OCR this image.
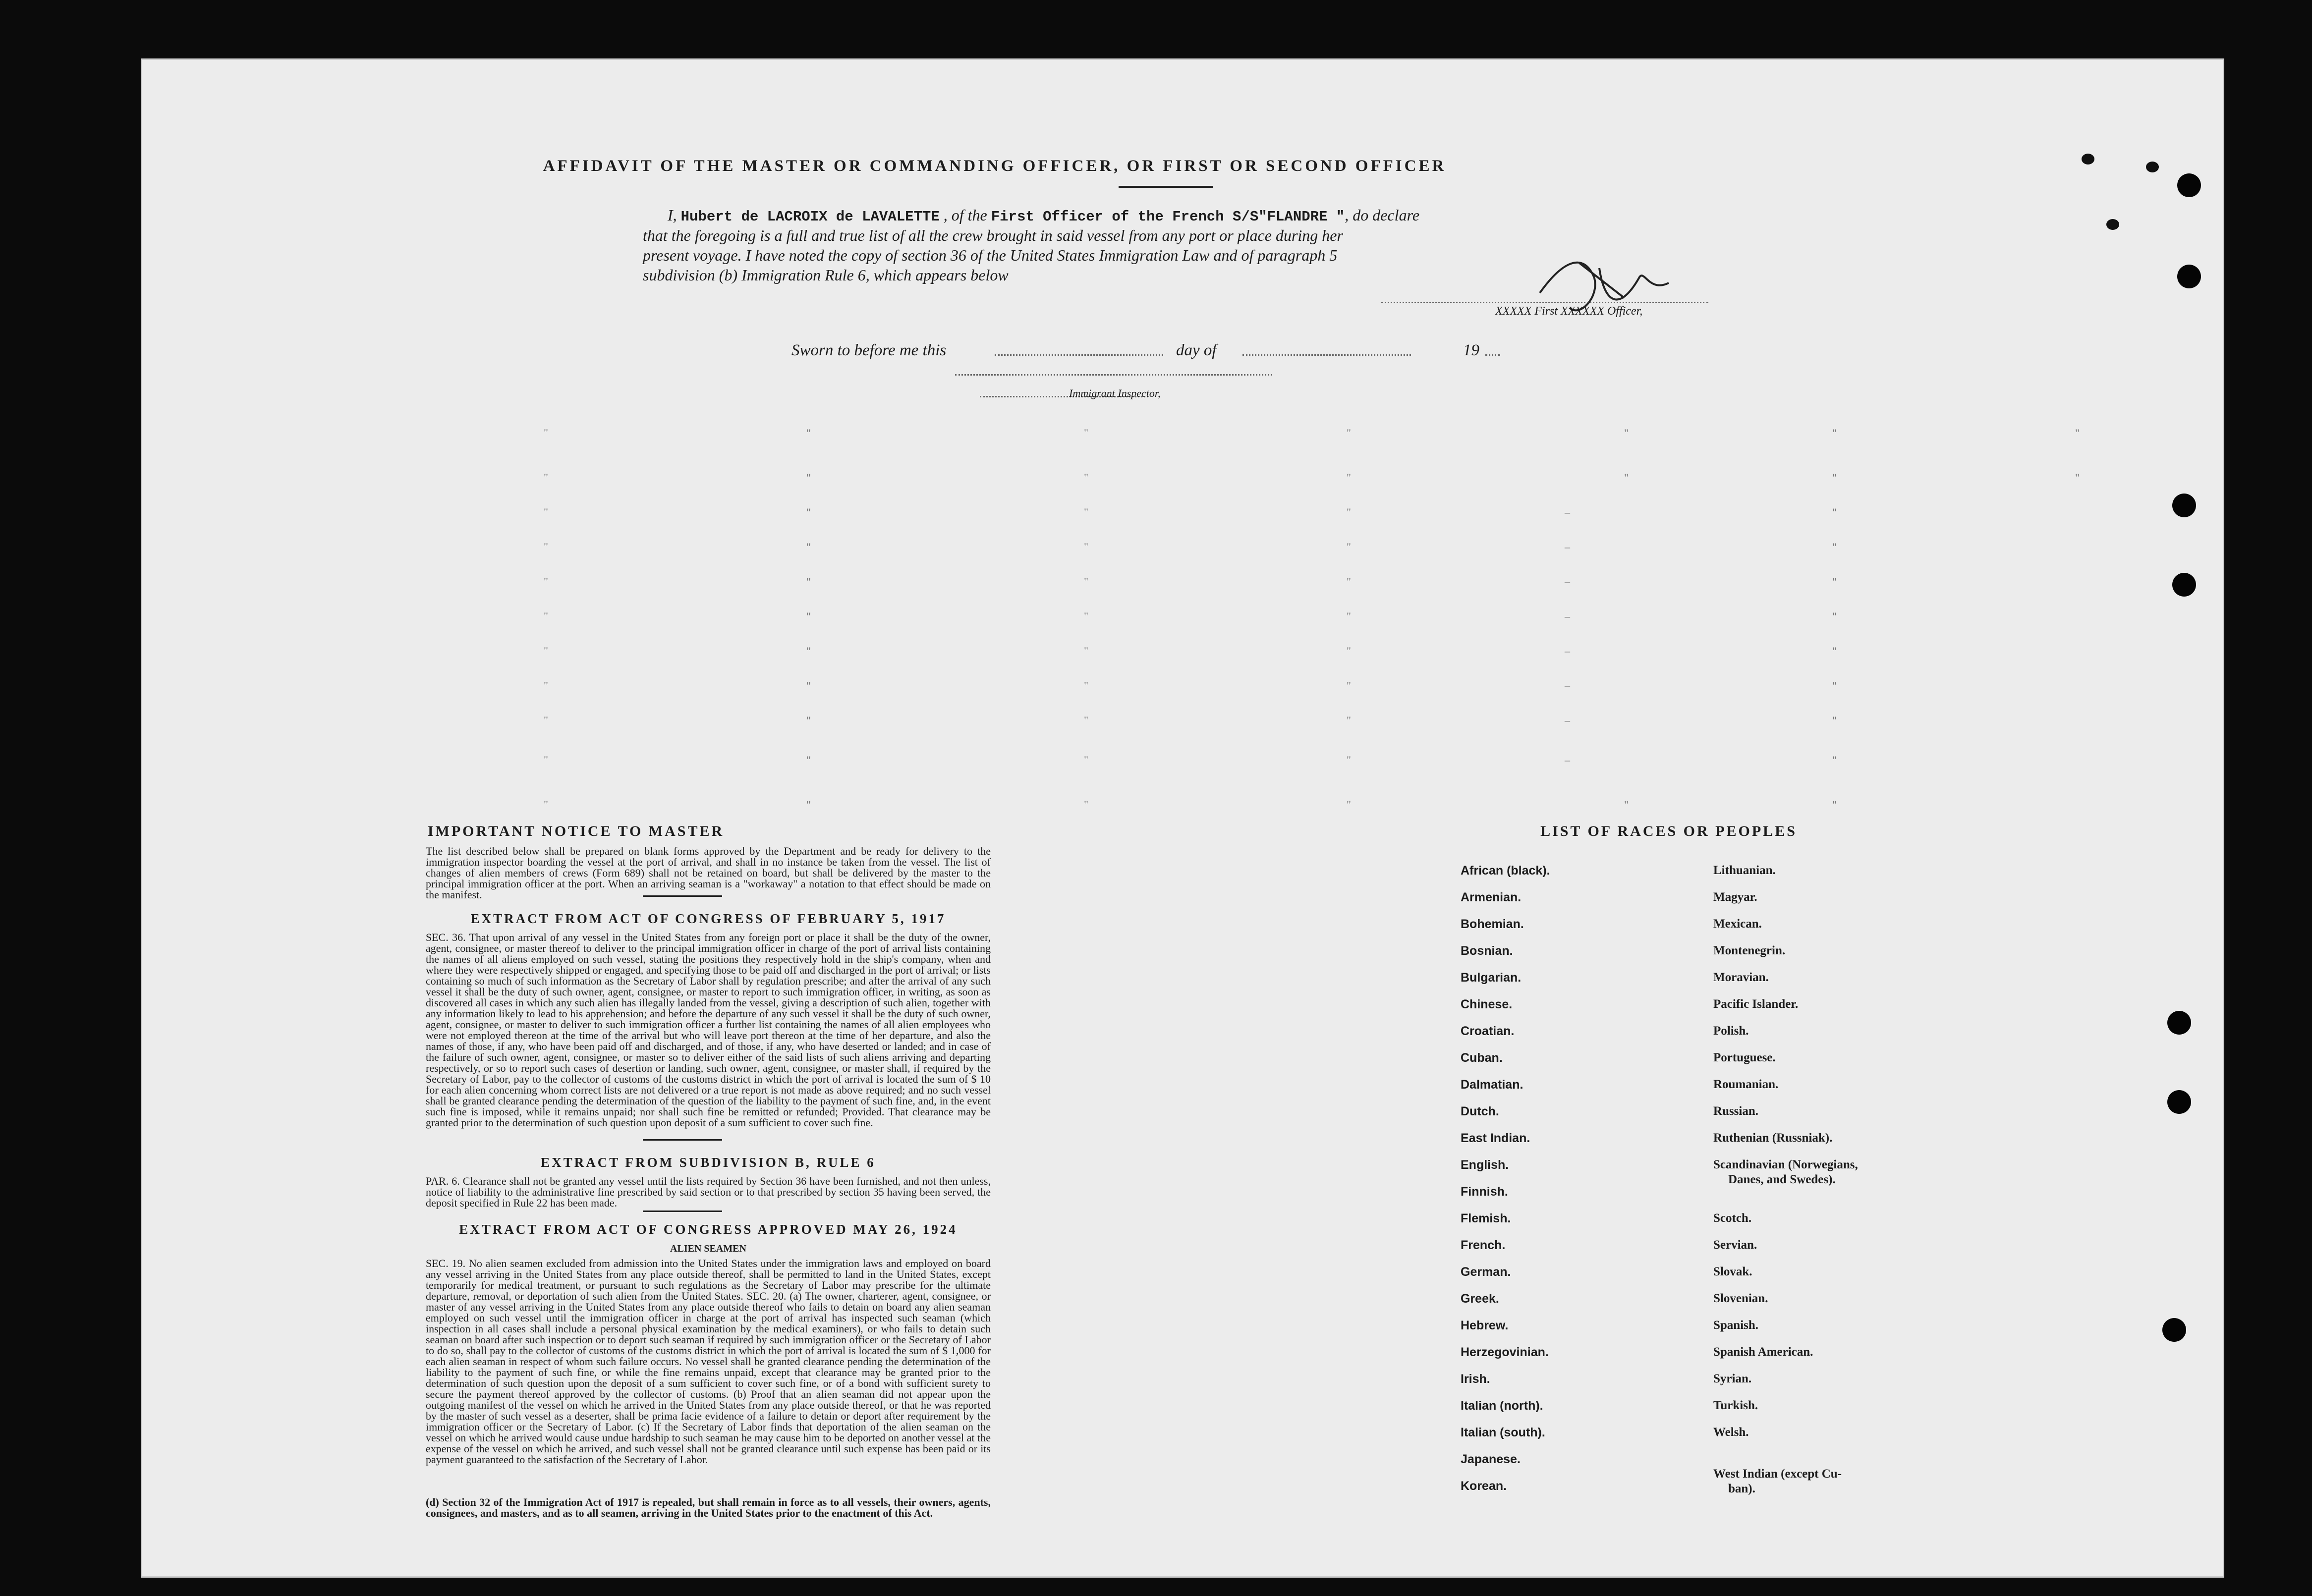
AFFIDAVIT OF THE MASTER OR COMMANDING OFFICER, OR FIRST OR SECOND OFFICER
I, Hubert de LACROIX de LAVALETTE , of the First Officer of the French S/S"FLANDRE ", do declare
that the foregoing is a full and true list of all the crew brought in said vessel from any port or place during her
present voyage. I have noted the copy of section 36 of the United States Immigration Law and of paragraph 5
subdivision (b) Immigration Rule 6, which appears below
XXXXX First XXXXXX Officer,
Sworn to before me this	day of	19
Immigrant Inspector,
"	"	"	"	"	"	"
"	"	"	"	"	"	"
"	"	"	"	–	"
"	"	"	"	–	"
"	"	"	"	–	"
"	"	"	"	–	"
"	"	"	"	–	"
"	"	"	"	–	"
"	"	"	"	–	"
"	"	"	"	–	"
"	"	"	"	"	"
IMPORTANT NOTICE TO MASTER
The list described below shall be prepared on blank forms approved by the Department and be ready for delivery to the immigration inspector boarding the vessel at the port of arrival, and shall in no instance be taken from the vessel. The list of changes of alien members of crews (Form 689) shall not be retained on board, but shall be delivered by the master to the principal immigration officer at the port. When an arriving seaman is a "workaway" a notation to that effect should be made on the manifest.
EXTRACT FROM ACT OF CONGRESS OF FEBRUARY 5, 1917
SEC. 36. That upon arrival of any vessel in the United States from any foreign port or place it shall be the duty of the owner, agent, consignee, or master thereof to deliver to the principal immigration officer in charge of the port of arrival lists containing the names of all aliens employed on such vessel, stating the positions they respectively hold in the ship's company, when and where they were respectively shipped or engaged, and specifying those to be paid off and discharged in the port of arrival; or lists containing so much of such information as the Secretary of Labor shall by regulation prescribe; and after the arrival of any such vessel it shall be the duty of such owner, agent, consignee, or master to report to such immigration officer, in writing, as soon as discovered all cases in which any such alien has illegally landed from the vessel, giving a description of such alien, together with any information likely to lead to his apprehension; and before the departure of any such vessel it shall be the duty of such owner, agent, consignee, or master to deliver to such immigration officer a further list containing the names of all alien employees who were not employed thereon at the time of the arrival but who will leave port thereon at the time of her departure, and also the names of those, if any, who have been paid off and discharged, and of those, if any, who have deserted or landed; and in case of the failure of such owner, agent, consignee, or master so to deliver either of the said lists of such aliens arriving and departing respectively, or so to report such cases of desertion or landing, such owner, agent, consignee, or master shall, if required by the Secretary of Labor, pay to the collector of customs of the customs district in which the port of arrival is located the sum of $ 10 for each alien concerning whom correct lists are not delivered or a true report is not made as above required; and no such vessel shall be granted clearance pending the determination of the question of the liability to the payment of such fine, and, in the event such fine is imposed, while it remains unpaid; nor shall such fine be remitted or refunded; Provided. That clearance may be granted prior to the determination of such question upon deposit of a sum sufficient to cover such fine.
EXTRACT FROM SUBDIVISION B, RULE 6
PAR. 6. Clearance shall not be granted any vessel until the lists required by Section 36 have been furnished, and not then unless, notice of liability to the administrative fine prescribed by said section or to that prescribed by section 35 having been served, the deposit specified in Rule 22 has been made.
EXTRACT FROM ACT OF CONGRESS APPROVED MAY 26, 1924
ALIEN SEAMEN
SEC. 19. No alien seamen excluded from admission into the United States under the immigration laws and employed on board any vessel arriving in the United States from any place outside thereof, shall be permitted to land in the United States, except temporarily for medical treatment, or pursuant to such regulations as the Secretary of Labor may prescribe for the ultimate departure, removal, or deportation of such alien from the United States. SEC. 20. (a) The owner, charterer, agent, consignee, or master of any vessel arriving in the United States from any place outside thereof who fails to detain on board any alien seaman employed on such vessel until the immigration officer in charge at the port of arrival has inspected such seaman (which inspection in all cases shall include a personal physical examination by the medical examiners), or who fails to detain such seaman on board after such inspection or to deport such seaman if required by such immigration officer or the Secretary of Labor to do so, shall pay to the collector of customs of the customs district in which the port of arrival is located the sum of $ 1,000 for each alien seaman in respect of whom such failure occurs. No vessel shall be granted clearance pending the determination of the liability to the payment of such fine, or while the fine remains unpaid, except that clearance may be granted prior to the determination of such question upon the deposit of a sum sufficient to cover such fine, or of a bond with sufficient surety to secure the payment thereof approved by the collector of customs. (b) Proof that an alien seaman did not appear upon the outgoing manifest of the vessel on which he arrived in the United States from any place outside thereof, or that he was reported by the master of such vessel as a deserter, shall be prima facie evidence of a failure to detain or deport after requirement by the immigration officer or the Secretary of Labor. (c) If the Secretary of Labor finds that deportation of the alien seaman on the vessel on which he arrived would cause undue hardship to such seaman he may cause him to be deported on another vessel at the expense of the vessel on which he arrived, and such vessel shall not be granted clearance until such expense has been paid or its payment guaranteed to the satisfaction of the Secretary of Labor.
(d) Section 32 of the Immigration Act of 1917 is repealed, but shall remain in force as to all vessels, their owners, agents, consignees, and masters, and as to all seamen, arriving in the United States prior to the enactment of this Act.
LIST OF RACES OR PEOPLES
African (black).
Armenian.
Bohemian.
Bosnian.
Bulgarian.
Chinese.
Croatian.
Cuban.
Dalmatian.
Dutch.
East Indian.
English.
Finnish.
Flemish.
French.
German.
Greek.
Hebrew.
Herzegovinian.
Irish.
Italian (north).
Italian (south).
Japanese.
Korean.
Lithuanian.
Magyar.
Mexican.
Montenegrin.
Moravian.
Pacific Islander.
Polish.
Portuguese.
Roumanian.
Russian.
Ruthenian (Russniak).
Scandinavian (Norwegians,
Danes, and Swedes).
Scotch.
Servian.
Slovak.
Slovenian.
Spanish.
Spanish American.
Syrian.
Turkish.
Welsh.
West Indian (except Cu-
ban).
